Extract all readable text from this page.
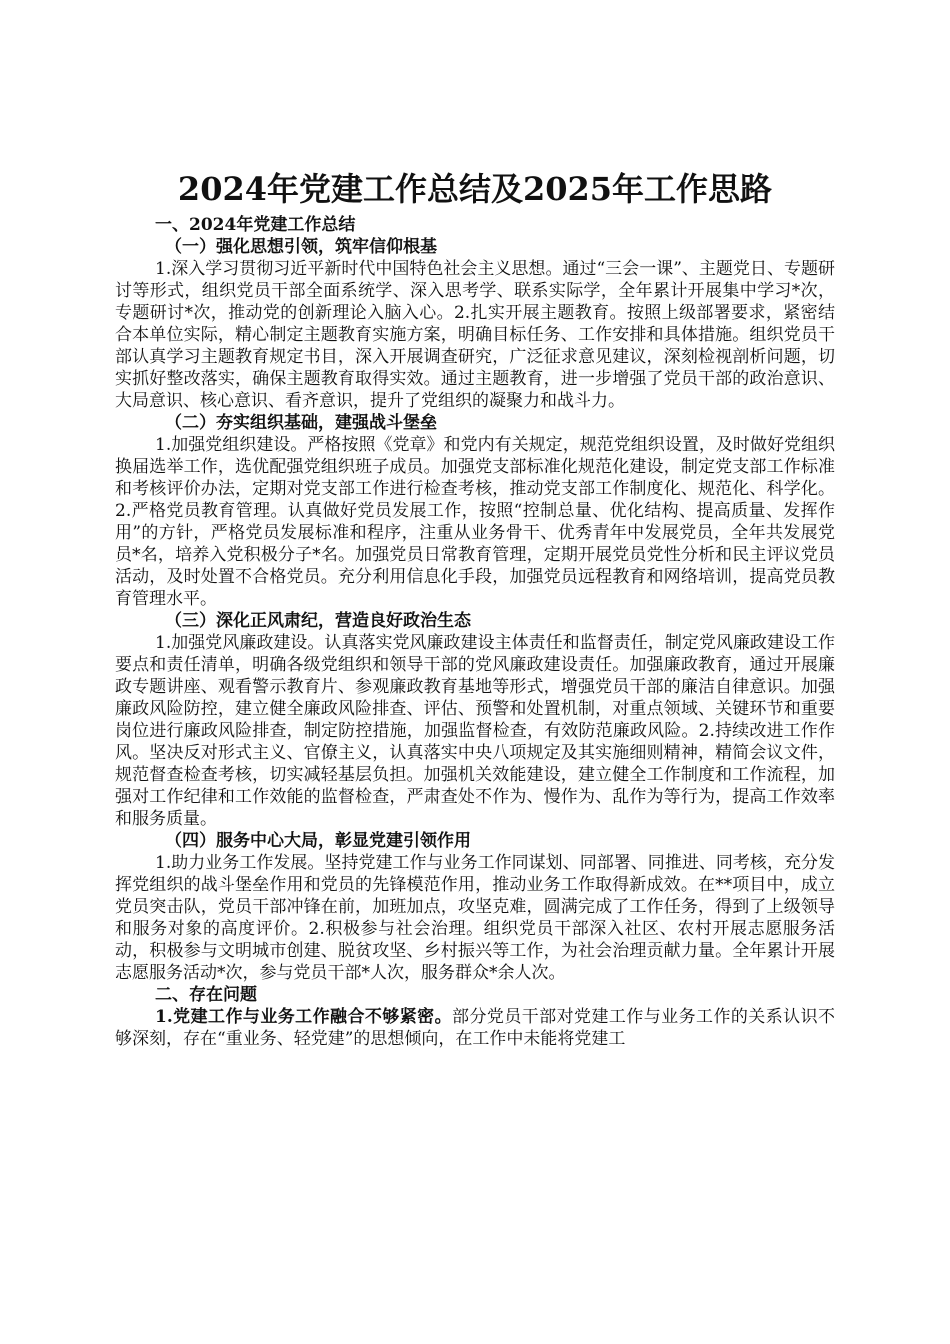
2024年党建工作总结及2025年工作思路
一、2024年党建工作总结
（一）强化思想引领，筑牢信仰根基

1.深入学习贯彻习近平新时代中国特色社会主义思想。通过“三会一课”、主题党日、专题研讨等形式，组织党员干部全面系统学、深入思考学、联系实际学，全年累计开展集中学习*次，专题研讨*次，推动党的创新理论入脑入心。2.扎实开展主题教育。按照上级部署要求，紧密结合本单位实际，精心制定主题教育实施方案，明确目标任务、工作安排和具体措施。组织党员干部认真学习主题教育规定书目，深入开展调查研究，广泛征求意见建议，深刻检视剖析问题，切实抓好整改落实，确保主题教育取得实效。通过主题教育，进一步增强了党员干部的政治意识、大局意识、核心意识、看齐意识，提升了党组织的凝聚力和战斗力。

（二）夯实组织基础，建强战斗堡垒

1.加强党组织建设。严格按照《党章》和党内有关规定，规范党组织设置，及时做好党组织换届选举工作，选优配强党组织班子成员。加强党支部标准化规范化建设，制定党支部工作标准和考核评价办法，定期对党支部工作进行检查考核，推动党支部工作制度化、规范化、科学化。2.严格党员教育管理。认真做好党员发展工作，按照“控制总量、优化结构、提高质量、发挥作用”的方针，严格党员发展标准和程序，注重从业务骨干、优秀青年中发展党员，全年共发展党员*名，培养入党积极分子*名。加强党员日常教育管理，定期开展党员党性分析和民主评议党员活动，及时处置不合格党员。充分利用信息化手段，加强党员远程教育和网络培训，提高党员教育管理水平。

（三）深化正风肃纪，营造良好政治生态

1.加强党风廉政建设。认真落实党风廉政建设主体责任和监督责任，制定党风廉政建设工作要点和责任清单，明确各级党组织和领导干部的党风廉政建设责任。加强廉政教育，通过开展廉政专题讲座、观看警示教育片、参观廉政教育基地等形式，增强党员干部的廉洁自律意识。加强廉政风险防控，建立健全廉政风险排查、评估、预警和处置机制，对重点领域、关键环节和重要岗位进行廉政风险排查，制定防控措施，加强监督检查，有效防范廉政风险。2.持续改进工作作风。坚决反对形式主义、官僚主义，认真落实中央八项规定及其实施细则精神，精简会议文件，规范督查检查考核，切实减轻基层负担。加强机关效能建设，建立健全工作制度和工作流程，加强对工作纪律和工作效能的监督检查，严肃查处不作为、慢作为、乱作为等行为，提高工作效率和服务质量。

（四）服务中心大局，彰显党建引领作用

1.助力业务工作发展。坚持党建工作与业务工作同谋划、同部署、同推进、同考核，充分发挥党组织的战斗堡垒作用和党员的先锋模范作用，推动业务工作取得新成效。在**项目中，成立党员突击队，党员干部冲锋在前，加班加点，攻坚克难，圆满完成了工作任务，得到了上级领导和服务对象的高度评价。2.积极参与社会治理。组织党员干部深入社区、农村开展志愿服务活动，积极参与文明城市创建、脱贫攻坚、乡村振兴等工作，为社会治理贡献力量。全年累计开展志愿服务活动*次，参与党员干部*人次，服务群众*余人次。

二、存在问题

1.党建工作与业务工作融合不够紧密。部分党员干部对党建工作与业务工作的关系认识不够深刻，存在“重业务、轻党建”的思想倾向，在工作中未能将党建工
